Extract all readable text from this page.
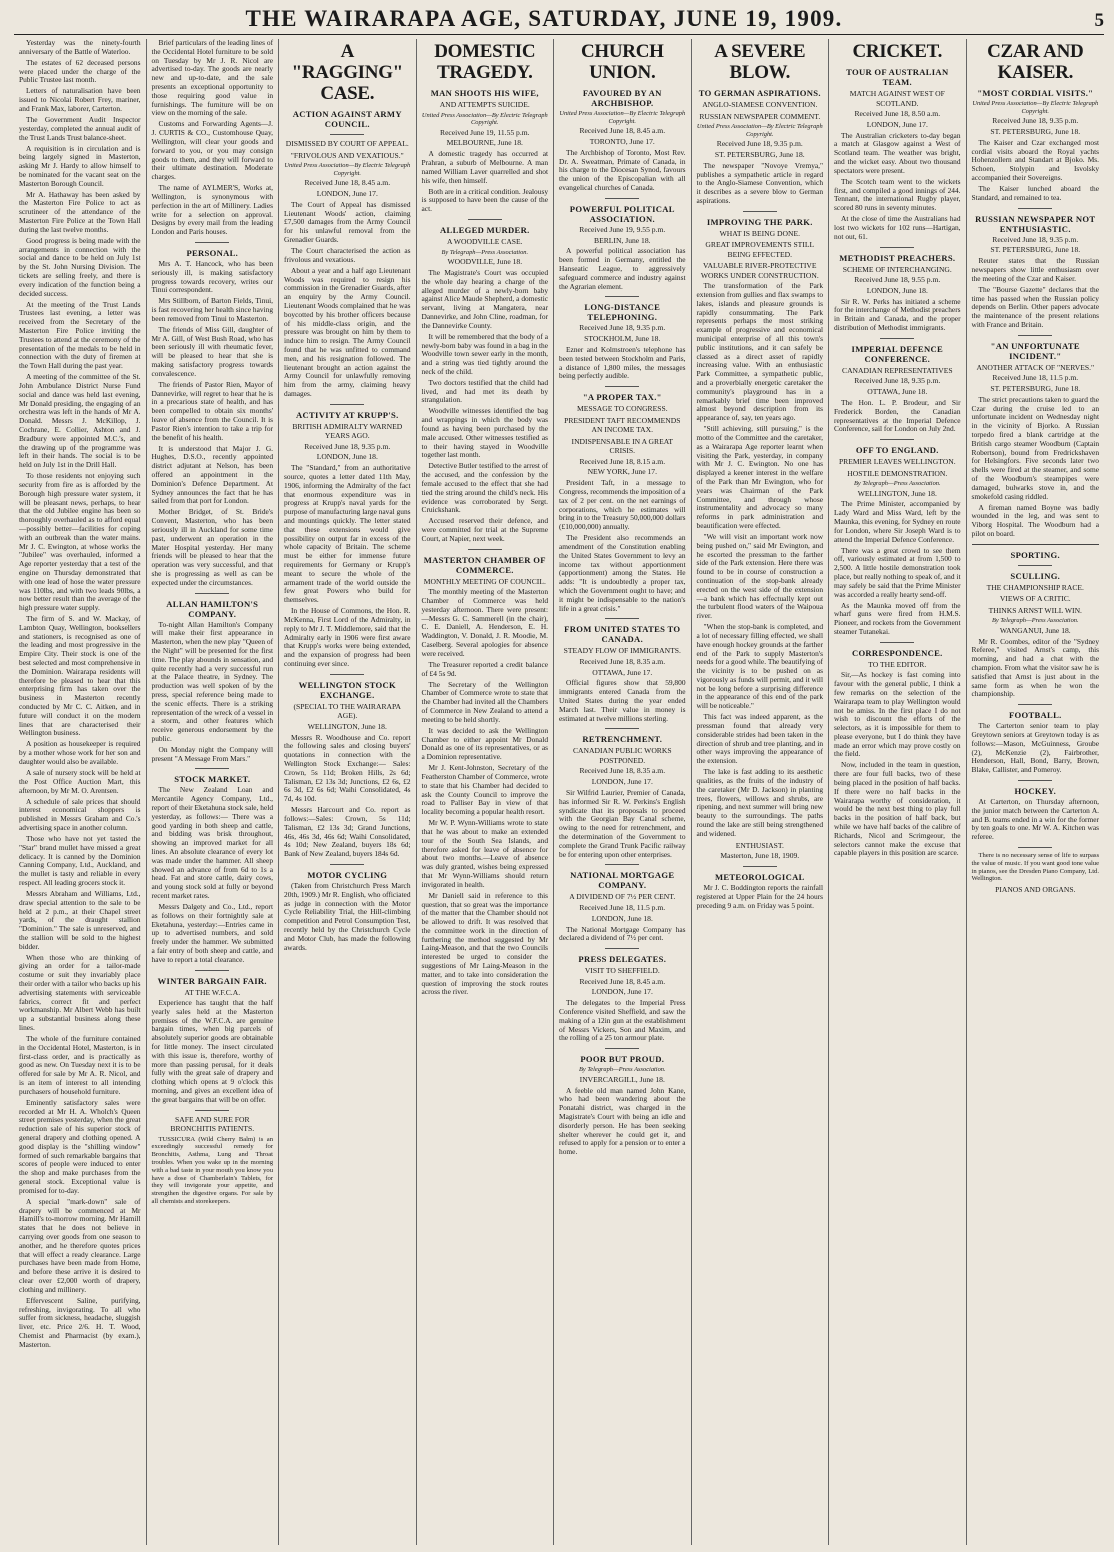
THE WAIRARAPA AGE, SATURDAY, JUNE 19, 1909.	5

Yesterday was the ninety-fourth anniversary of the Battle of Waterloo.

The estates of 62 deceased persons were placed under the charge of the Public Trustee last month.

Letters of naturalisation have been issued to Nicolai Robert Frey, mariner, and Frank Max, laborer, Carterton.

The Government Audit Inspector yesterday, completed the annual audit of the Trust Lands Trust balance-sheet.

A requisition is in circulation and is being largely signed in Masterton, asking Mr J. Hardy to allow himself to be nominated for the vacant seat on the Masterton Borough Council.

Mr A. Hathaway has been asked by the Masterton Fire Police to act as scrutineer of the attendance of the Masterton Fire Police at the Town Hall during the last twelve months.

Good progress is being made with the arrangements in connection with the social and dance to be held on July 1st by the St. John Nursing Division. The tickets are selling freely, and there is every indication of the function being a decided success.

At the meeting of the Trust Lands Trustees last evening, a letter was received from the Secretary of the Masterton Fire Police inviting the Trustees to attend at the ceremony of the presentation of the medals to be held in connection with the duty of firemen at the Town Hall during the past year.

A meeting of the committee of the St. John Ambulance District Nurse Fund social and dance was held last evening, Mr Donald presiding, the engaging of an orchestra was left in the hands of Mr A. Donald. Messrs J. McKillop, J. Cochrane, E. Collier, Ashton and J. Bradbury were appointed M.C.'s, and the drawing up of the programme was left in their hands. The social is to be held on July 1st in the Drill Hall.

To those residents not enjoying such security from fire as is afforded by the Borough high pressure water system, it will be pleasant news, perhaps, to hear that the old Jubilee engine has been so thoroughly overhauled as to afford equal—possibly better—facilities for coping with an outbreak than the water mains. Mr J. C. Ewington, at whose works the "Jubilee" was overhauled, informed a Age reporter yesterday that a test of the engine on Thursday demonstrated that with one lead of hose the water pressure was 110lbs, and with two leads 90lbs, a now better result than the average of the high pressure water supply.

The firm of S. and W. Mackay, of Lambton Quay, Wellington, booksellers and stationers, is recognised as one of the leading and most progressive in the Empire City. Their stock is one of the best selected and most comprehensive in the Dominion. Wairarapa residents will therefore be pleased to hear that this enterprising firm has taken over the business in Masterton recently conducted by Mr C. C. Aitken, and in future will conduct it on the modern lines that are characterised their Wellington business.

A position as housekeeper is required by a mother whose work for her son and daughter would also be available.

A sale of nursery stock will be held at the Post Office Auction Mart, this afternoon, by Mr M. O. Arentsen.

A schedule of sale prices that should interest economical shoppers is published in Messrs Graham and Co.'s advertising space in another column.

Those who have not yet tasted the "Star" brand mullet have missed a great delicacy. It is canned by the Dominion Canning Company, Ltd., Auckland, and the mullet is tasty and reliable in every respect. All leading grocers stock it.

Messrs Abraham and Williams, Ltd., draw special attention to the sale to be held at 2 p.m., at their Chapel street yards, of the draught stallion "Dominion." The sale is unreserved, and the stallion will be sold to the highest bidder.

When those who are thinking of giving an order for a tailor-made costume or suit they invariably place their order with a tailor who backs up his advertising statements with serviceable fabrics, correct fit and perfect workmanship. Mr Albert Webb has built up a substantial business along these lines.

The whole of the furniture contained in the Occidental Hotel, Masterton, is in first-class order, and is practically as good as new. On Tuesday next it is to be offered for sale by Mr A. R. Nicol, and is an item of interest to all intending purchasers of household furniture.

Eminently satisfactory sales were recorded at Mr H. A. Wholch's Queen street premises yesterday, when the great reduction sale of his superior stock of general drapery and clothing opened. A good display is the "shilling window" formed of such remarkable bargains that scores of people were induced to enter the shop and make purchases from the general stock. Exceptional value is promised for to-day.

A special "mark-down" sale of drapery will be commenced at Mr Hamill's to-morrow morning. Mr Hamill states that he does not believe in carrying over goods from one season to another, and he therefore quotes prices that will effect a ready clearance. Large purchases have been made from Home, and before these arrive it is desired to clear over £2,000 worth of drapery, clothing and millinery.

Effervescent Saline, purifying, refreshing, invigorating. To all who suffer from sickness, headache, sluggish liver, etc. Price 2/6. H. T. Wood, Chemist and Pharmacist (by exam.), Masterton.

Brief particulars of the leading lines of the Occidental Hotel furniture to be sold on Tuesday by Mr J. R. Nicol are advertised to-day. The goods are nearly new and up-to-date, and the sale presents an exceptional opportunity to those requiring good value in furnishings. The furniture will be on view on the morning of the sale.

Customs and Forwarding Agents—J. J. CURTIS & CO., Customhouse Quay, Wellington, will clear your goods and forward to you, or you may consign goods to them, and they will forward to their ultimate destination. Moderate charges.

The name of AYLMER'S, Works at, Wellington, is synonymous with perfection in the art of Millinery. Ladies write for a selection on approval. Designs by every mail from the leading London and Paris houses.

PERSONAL.

Mrs A. T. Hancock, who has been seriously ill, is making satisfactory progress towards recovery, writes our Tinui correspondent.

Mrs Stillborn, of Barton Fields, Tinui, is fast recovering her health since having been removed from Tinui to Masterton.

The friends of Miss Gill, daughter of Mr A. Gill, of West Bush Road, who has been seriously ill with rheumatic fever, will be pleased to hear that she is making satisfactory progress towards convalescence.

The friends of Pastor Rien, Mayor of Dannevirke, will regret to hear that he is in a precarious state of health, and has been compelled to obtain six months' leave of absence from the Council. It is Pastor Rien's intention to take a trip for the benefit of his health.

It is understood that Major J. G. Hughes, D.S.O., recently appointed district adjutant at Nelson, has been offered an appointment in the Dominion's Defence Department. At Sydney announces the fact that he has sailed from that port for London.

Mother Bridget, of St. Bride's Convent, Masterton, who has been seriously ill in Auckland for some time past, underwent an operation in the Mater Hospital yesterday. Her many friends will be pleased to hear that the operation was very successful, and that she is progressing as well as can be expected under the circumstances.

ALLAN HAMILTON'S COMPANY.

To-night Allan Hamilton's Company will make their first appearance in Masterton, when the new play "Queen of the Night" will be presented for the first time. The play abounds in sensation, and quite recently had a very successful run at the Palace theatre, in Sydney. The production was well spoken of by the press, special reference being made to the scenic effects. There is a striking representation of the wreck of a vessel in a storm, and other features which receive generous endorsement by the public.

On Monday night the Company will present "A Message From Mars."

STOCK MARKET.

The New Zealand Loan and Mercantile Agency Company, Ltd., report of their Eketahuna stock sale, held yesterday, as follows:— There was a good yarding in both sheep and cattle, and bidding was brisk throughout, showing an improved market for all lines. An absolute clearance of every lot was made under the hammer. All sheep showed an advance of from 6d to 1s a head. Fat and store cattle, dairy cows, and young stock sold at fully or beyond recent market rates.

Messrs Dalgety and Co., Ltd., report as follows on their fortnightly sale at Eketahuna, yesterday:—Entries came in up to advertised numbers, and sold freely under the hammer. We submitted a fair entry of both sheep and cattle, and have to report a total clearance.

WINTER BARGAIN FAIR.
AT THE W.F.C.A.

Experience has taught that the half yearly sales held at the Masterton premises of the W.F.C.A. are genuine bargain times, when big parcels of absolutely superior goods are obtainable for little money. The insect circulated with this issue is, therefore, worthy of more than passing perusal, for it deals fully with the great sale of drapery and clothing which opens at 9 o'clock this morning, and gives an excellent idea of the great bargains that will be on offer.

SAFE AND SURE FOR BRONCHITIS PATIENTS.

TUSSICURA (Wild Cherry Balm) is an exceedingly successful remedy for Bronchitis, Asthma, Lung and Throat troubles. When you wake up in the morning with a bad taste in your mouth you know you have a dose of Chamberlain's Tablets, for they will invigorate your appetite, and strengthen the digestive organs. For sale by all chemists and storekeepers.

A "RAGGING" CASE.
ACTION AGAINST ARMY COUNCIL.
DISMISSED BY COURT OF APPEAL.
"FRIVOLOUS AND VEXATIOUS."
United Press Association—By Electric Telegraph Copyright.
Received June 18, 8.45 a.m.
LONDON, June 17.

The Court of Appeal has dismissed Lieutenant Woods' action, claiming £7,500 damages from the Army Council for his unlawful removal from the Grenadier Guards.

The Court characterised the action as frivolous and vexatious.

About a year and a half ago Lieutenant Woods was required to resign his commission in the Grenadier Guards, after an enquiry by the Army Council. Lieutenant Woods complained that he was boycotted by his brother officers because of his middle-class origin, and the pressure was brought on him by them to induce him to resign. The Army Council found that he was unfitted to command men, and his resignation followed. The lieutenant brought an action against the Army Council for unlawfully removing him from the army, claiming heavy damages.

ACTIVITY AT KRUPP'S.
BRITISH ADMIRALTY WARNED YEARS AGO.
Received June 18, 9.35 p.m.
LONDON, June 18.

The "Standard," from an authoritative source, quotes a letter dated 11th May, 1906, informing the Admiralty of the fact that enormous expenditure was in progress at Krupp's naval yards for the purpose of manufacturing large naval guns and mountings quickly. The letter stated that these extensions would give possibility on output far in excess of the whole capacity of Britain. The scheme must be either for immense future requirements for Germany or Krupp's meant to secure the whole of the armament trade of the world outside the few great Powers who build for themselves.

In the House of Commons, the Hon. R. McKenna, First Lord of the Admiralty, in reply to Mr J. T. Middlemore, said that the Admiralty early in 1906 were first aware that Krupp's works were being extended, and the expansion of progress had been continuing ever since.

WELLINGTON STOCK EXCHANGE.
(SPECIAL TO THE WAIRARAPA AGE).
WELLINGTON, June 18.

Messrs R. Woodhouse and Co. report the following sales and closing buyers' quotations in connection with the Wellington Stock Exchange:— Sales: Crown, 5s 11d; Broken Hills, 2s 6d; Talisman, £2 13s 3d; Junctions, £2 6s, £2 6s 3d, £2 6s 6d; Waihi Consolidated, 4s 7d, 4s 10d.

Messrs Harcourt and Co. report as follows:—Sales: Crown, 5s 11d; Talisman, £2 13s 3d; Grand Junctions, 46s, 46s 3d, 46s 6d; Waihi Consolidated, 4s 10d; New Zealand, buyers 18s 6d; Bank of New Zealand, buyers 184s 6d.

MOTOR CYCLING

(Taken from Christchurch Press March 20th, 1909.) Mr R. English, who officiated as judge in connection with the Motor Cycle Reliability Trial, the Hill-climbing competition and Petrol Consumption Test, recently held by the Christchurch Cycle and Motor Club, has made the following awards.

DOMESTIC TRAGEDY.
MAN SHOOTS HIS WIFE,
AND ATTEMPTS SUICIDE.
United Press Association—By Electric Telegraph Copyright.
Received June 19, 11.55 p.m.
MELBOURNE, June 18.

A domestic tragedy has occurred at Prahran, a suburb of Melbourne. A man named William Laver quarrelled and shot his wife, then himself.

Both are in a critical condition. Jealousy is supposed to have been the cause of the act.

ALLEGED MURDER.
A WOODVILLE CASE.
By Telegraph—Press Association.
WOODVILLE, June 18.

The Magistrate's Court was occupied the whole day hearing a charge of the alleged murder of a newly-born baby against Alice Maude Shepherd, a domestic servant, living at Mangatera, near Dannevirke, and John Cline, roadman, for the Dannevirke County.

It will be remembered that the body of a newly-born baby was found in a bag in the Woodville town sewer early in the month, and a string was tied tightly around the neck of the child.

Two doctors testified that the child had lived, and had met its death by strangulation.

Woodville witnesses identified the bag and wrappings in which the body was found as having been purchased by the male accused. Other witnesses testified as to their having stayed in Woodville together last month.

Detective Butler testified to the arrest of the accused, and the confession by the female accused to the effect that she had tied the string around the child's neck. His evidence was corroborated by Sergt. Cruickshank.

Accused reserved their defence, and were committed for trial at the Supreme Court, at Napier, next week.

MASTERTON CHAMBER OF COMMERCE.
MONTHLY MEETING OF COUNCIL.

The monthly meeting of the Masterton Chamber of Commerce was held yesterday afternoon. There were present:—Messrs G. C. Sammerell (in the chair), C. E. Daniell, A. Henderson, E. H. Waddington, V. Donald, J. R. Moodie, M. Caselberg. Several apologies for absence were received.

The Treasurer reported a credit balance of £4 5s 9d.

The Secretary of the Wellington Chamber of Commerce wrote to state that the Chamber had invited all the Chambers of Commerce in New Zealand to attend a meeting to be held shortly.

It was decided to ask the Wellington Chamber to either appoint Mr Donald Donald as one of its representatives, or as a Dominion representative.

Mr J. Kent-Johnston, Secretary of the Featherston Chamber of Commerce, wrote to state that his Chamber had decided to ask the County Council to improve the road to Palliser Bay in view of that locality becoming a popular health resort.

Mr W. P. Wynn-Williams wrote to state that he was about to make an extended tour of the South Sea Islands, and therefore asked for leave of absence for about two months.—Leave of absence was duly granted, wishes being expressed that Mr Wynn-Williams should return invigorated in health.

Mr Daniell said in reference to this question, that so great was the importance of the matter that the Chamber should not be allowed to drift. It was resolved that the committee work in the direction of furthering the method suggested by Mr Laing-Meason, and that the two Councils interested be urged to consider the suggestions of Mr Laing-Meason in the matter, and to take into consideration the question of improving the stock routes across the river.

CHURCH UNION.
FAVOURED BY AN ARCHBISHOP.
United Press Association—By Electric Telegraph Copyright.
Received June 18, 8.45 a.m.
TORONTO, June 17.

The Archbishop of Toronto, Most Rev. Dr. A. Sweatman, Primate of Canada, in his charge to the Diocesan Synod, favours the union of the Episcopalian with all evangelical churches of Canada.

POWERFUL POLITICAL ASSOCIATION.
Received June 19, 9.55 p.m.
BERLIN, June 18.

A powerful political association has been formed in Germany, entitled the Hanseatic League, to aggressively safeguard commerce and industry against the Agrarian element.

LONG-DISTANCE TELEPHONING.
Received June 18, 9.35 p.m.
STOCKHOLM, June 18.

Ezner and Kolmstroen's telephone has been tested between Stockholm and Paris, a distance of 1,800 miles, the messages being perfectly audible.

"A PROPER TAX."
MESSAGE TO CONGRESS.
PRESIDENT TAFT RECOMMENDS AN INCOME TAX.
INDISPENSABLE IN A GREAT CRISIS.
Received June 18, 8.15 a.m.
NEW YORK, June 17.

President Taft, in a message to Congress, recommends the imposition of a tax of 2 per cent. on the net earnings of corporations, which he estimates will bring in to the Treasury 50,000,000 dollars (£10,000,000) annually.

The President also recommends an amendment of the Constitution enabling the United States Government to levy an income tax without apportionment (apportionment) among the States. He adds: "It is undoubtedly a proper tax, which the Government ought to have; and it might be indispensable to the nation's life in a great crisis."

FROM UNITED STATES TO CANADA.
STEADY FLOW OF IMMIGRANTS.
Received June 18, 8.35 a.m.
OTTAWA, June 17.

Official figures show that 59,800 immigrants entered Canada from the United States during the year ended March last. Their value in money is estimated at twelve millions sterling.

RETRENCHMENT.
CANADIAN PUBLIC WORKS POSTPONED.
Received June 18, 8.35 a.m.
LONDON, June 17.

Sir Wilfrid Laurier, Premier of Canada, has informed Sir R. W. Perkins's English syndicate that its proposals to proceed with the Georgian Bay Canal scheme, owing to the need for retrenchment, and the determination of the Government to complete the Grand Trunk Pacific railway be for entering upon other enterprises.

NATIONAL MORTGAGE COMPANY.
A DIVIDEND OF 7½ PER CENT.
Received June 18, 11.5 p.m.
LONDON, June 18.

The National Mortgage Company has declared a dividend of 7½ per cent.

PRESS DELEGATES.
VISIT TO SHEFFIELD.
Received June 18, 8.45 a.m.
LONDON, June 17.

The delegates to the Imperial Press Conference visited Sheffield, and saw the making of a 12in gun at the establishment of Messrs Vickers, Son and Maxim, and the rolling of a 25 ton armour plate.

POOR BUT PROUD.
By Telegraph—Press Association.
INVERCARGILL, June 18.

A feeble old man named John Kane, who had been wandering about the Ponatahi district, was charged in the Magistrate's Court with being an idle and disorderly person. He has been seeking shelter wherever he could get it, and refused to apply for a pension or to enter a home.

A SEVERE BLOW.
TO GERMAN ASPIRATIONS.
ANGLO-SIAMESE CONVENTION.
RUSSIAN NEWSPAPER COMMENT.
United Press Association—By Electric Telegraph Copyright.
Received June 18, 9.35 p.m.
ST. PETERSBURG, June 18.

The newspaper "Novoye Vremya," publishes a sympathetic article in regard to the Anglo-Siamese Convention, which it describes as a severe blow to German aspirations.

IMPROVING THE PARK.
WHAT IS BEING DONE.
GREAT IMPROVEMENTS STILL BEING EFFECTED.
VALUABLE RIVER-PROTECTIVE WORKS UNDER CONSTRUCTION.

The transformation of the Park extension from gullies and flax swamps to lakes, islands and pleasure grounds is rapidly consummating. The Park represents perhaps the most striking example of progressive and economical municipal enterprise of all this town's public institutions, and it can safely be classed as a direct asset of rapidly increasing value. With an enthusiastic Park Committee, a sympathetic public, and a proverbially energetic caretaker the community's playground has in a remarkably brief time been improved almost beyond description from its appearance of, say, ten years ago.

"Still achieving, still pursuing," is the motto of the Committee and the caretaker, as a Wairarapa Age reporter learnt when visiting the Park, yesterday, in company with Mr J. C. Ewington. No one has displayed a keener interest in the welfare of the Park than Mr Ewington, who for years was Chairman of the Park Committee, and through whose instrumentality and advocacy so many reforms in park administration and beautification were effected.

"We will visit an important work now being pushed on," said Mr Ewington, and he escorted the pressman to the farther side of the Park extension. Here there was found to be in course of construction a continuation of the stop-bank already erected on the west side of the extension—a bank which has effectually kept out the turbulent flood waters of the Waipoua river.

"When the stop-bank is completed, and a lot of necessary filling effected, we shall have enough hockey grounds at the farther end of the Park to supply Masterton's needs for a good while. The beautifying of the vicinity is to be pushed on as vigorously as funds will permit, and it will not be long before a surprising difference in the appearance of this end of the park will be noticeable."

This fact was indeed apparent, as the pressman found that already very considerable strides had been taken in the direction of shrub and tree planting, and in other ways improving the appearance of the extension.

The lake is fast adding to its aesthetic qualities, as the fruits of the industry of the caretaker (Mr D. Jackson) in planting trees, flowers, willows and shrubs, are ripening, and next summer will bring new beauty to the surroundings. The paths round the lake are still being strengthened and widened.

ENTHUSIAST.
Masterton, June 18, 1909.
METEOROLOGICAL

Mr J. C. Boddington reports the rainfall registered at Upper Plain for the 24 hours preceding 9 a.m. on Friday was 5 point.

CRICKET.
TOUR OF AUSTRALIAN TEAM.
MATCH AGAINST WEST OF SCOTLAND.
Received June 18, 8.50 a.m.
LONDON, June 17.

The Australian cricketers to-day began a match at Glasgow against a West of Scotland team. The weather was bright, and the wicket easy. About two thousand spectators were present.

The Scotch team went to the wickets first, and compiled a good innings of 244. Tennant, the international Rugby player, scored 80 runs in seventy minutes.

At the close of time the Australians had lost two wickets for 102 runs—Hartigan, not out, 61.

METHODIST PREACHERS.
SCHEME OF INTERCHANGING.
Received June 18, 9.55 p.m.
LONDON, June 18.

Sir R. W. Perks has initiated a scheme for the interchange of Methodist preachers in Britain and Canada, and the proper distribution of Methodist immigrants.

IMPERIAL DEFENCE CONFERENCE.
CANADIAN REPRESENTATIVES
Received June 18, 9.35 p.m.
OTTAWA, June 18.

The Hon. L. P. Brodeur, and Sir Frederick Borden, the Canadian representatives at the Imperial Defence Conference, sail for London on July 2nd.

OFF TO ENGLAND.
PREMIER LEAVES WELLINGTON.
HOSTILE DEMONSTRATION.
By Telegraph—Press Association.
WELLINGTON, June 18.

The Prime Minister, accompanied by Lady Ward and Miss Ward, left by the Maunka, this evening, for Sydney en route for London, where Sir Joseph Ward is to attend the Imperial Defence Conference.

There was a great crowd to see them off, variously estimated at from 1,500 to 2,500. A little hostile demonstration took place, but really nothing to speak of, and it may safely be said that the Prime Minister was accorded a really hearty send-off.

As the Maunka moved off from the wharf guns were fired from H.M.S. Pioneer, and rockets from the Government steamer Tutanekai.

CORRESPONDENCE.
TO THE EDITOR.

Sir,—As hockey is fast coming into favour with the general public, I think a few remarks on the selection of the Wairarapa team to play Wellington would not be amiss. In the first place I do not wish to discount the efforts of the selectors, as it is impossible for them to please everyone, but I do think they have made an error which may prove costly on the field.

Now, included in the team in question, there are four full backs, two of these being placed in the position of half backs. If there were no half backs in the Wairarapa worthy of consideration, it would be the next best thing to play full backs in the position of half back, but while we have half backs of the calibre of Richards, Nicol and Scrimgeour, the selectors cannot make the excuse that capable players in this position are scarce.

CZAR AND KAISER.
"MOST CORDIAL VISITS."
United Press Association—By Electric Telegraph Copyright.
Received June 18, 9.35 p.m.
ST. PETERSBURG, June 18.

The Kaiser and Czar exchanged most cordial visits aboard the Royal yachts Hohenzollern and Standart at Bjoko. Ms. Schoen, Stolypin and Isvolsky accompanied their Sovereigns.

The Kaiser lunched aboard the Standard, and remained to tea.

RUSSIAN NEWSPAPER NOT ENTHUSIASTIC.
Received June 18, 9.35 p.m.
ST. PETERSBURG, June 18.

Reuter states that the Russian newspapers show little enthusiasm over the meeting of the Czar and Kaiser.

The "Bourse Gazette" declares that the time has passed when the Russian policy depends on Berlin. Other papers advocate the maintenance of the present relations with France and Britain.

"AN UNFORTUNATE INCIDENT."
ANOTHER ATTACK OF "NERVES."
Received June 18, 11.5 p.m.
ST. PETERSBURG, June 18.

The strict precautions taken to guard the Czar during the cruise led to an unfortunate incident on Wednesday night in the vicinity of Bjorko. A Russian torpedo fired a blank cartridge at the British cargo steamer Woodburn (Captain Robertson), bound from Fredrickshaven for Helsingfors. Five seconds later two shells were fired at the steamer, and some of the Woodburn's steampipes were damaged, bulwarks stove in, and the smokefold casing riddled.

A fireman named Boyne was badly wounded in the leg, and was sent to Viborg Hospital. The Woodburn had a pilot on board.

SPORTING.
SCULLING.
THE CHAMPIONSHIP RACE.
VIEWS OF A CRITIC.
THINKS ARNST WILL WIN.
By Telegraph—Press Association.
WANGANUI, June 18.

Mr R. Coombes, editor of the "Sydney Referee," visited Arnst's camp, this morning, and had a chat with the champion. From what the visitor saw he is satisfied that Arnst is just about in the same form as when he won the championship.

FOOTBALL.

The Carterton senior team to play Greytown seniors at Greytown today is as follows:—Mason, McGuinness, Groube (2), McKenzie (2), Fairbrother, Henderson, Hall, Bond, Barry, Brown, Blake, Callister, and Pomeroy.

HOCKEY.

At Carterton, on Thursday afternoon, the junior match between the Carterton A. and B. teams ended in a win for the former by ten goals to one. Mr W. A. Kitchen was referee.

There is no necessary sense of life to surpass the value of music. If you want good tone value in pianos, see the Dresden Piano Company, Ltd. Wellington.

PIANOS AND ORGANS.
